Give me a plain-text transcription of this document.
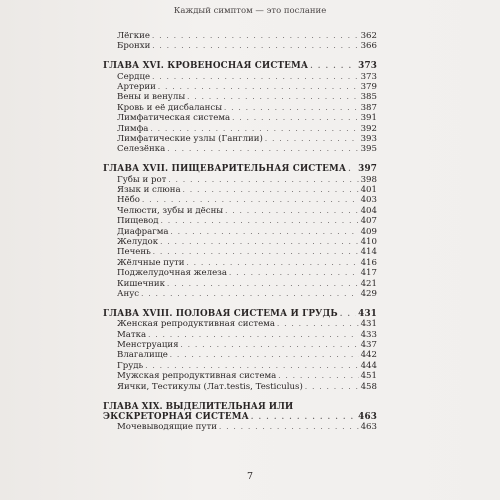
Каждый симптом — это послание
Лёгкие . . .	362
Бронхи . . .	366
ГЛАВА XVI. КРОВЕНОСНАЯ СИСТЕМА . . .	373
Сердце . . .	373
Артерии . . .	379
Вены и венулы . . .	385
Кровь и её дисбалансы . . .	387
Лимфатическая система . . .	391
Лимфа . . .	392
Лимфатические узлы (Ганглии) . . .	393
Селезёнка . . .	395
ГЛАВА XVII. ПИЩЕВАРИТЕЛЬНАЯ СИСТЕМА . . . 397
Губы и рот . . .	398
Язык и слюна . . .	401
Нёбо . . .	403
Челюсти, зубы и дёсны . . .	404
Пищевод . . .	407
Диафрагма . . .	409
Желудок . . .	410
Печень . . .	414
Жёлчные пути . . .	416
Поджелудочная железа . . .	417
Кишечник . . .	421
Анус . . .	429
ГЛАВА XVIII. ПОЛОВАЯ СИСТЕМА И ГРУДЬ . . . 431
Женская репродуктивная система . . .	431
Матка . . .	433
Менструация . . .	437
Влагалище . . .	442
Грудь . . .	444
Мужская репродуктивная система . . .	451
Яички, Тестикулы (Лат.testis, Testiculus) . . .	458
ГЛАВА XIX. ВЫДЕЛИТЕЛЬНАЯ ИЛИ
ЭКСКРЕТОРНАЯ СИСТЕМА . . .	463
Мочевыводящие пути . . .	463
7
